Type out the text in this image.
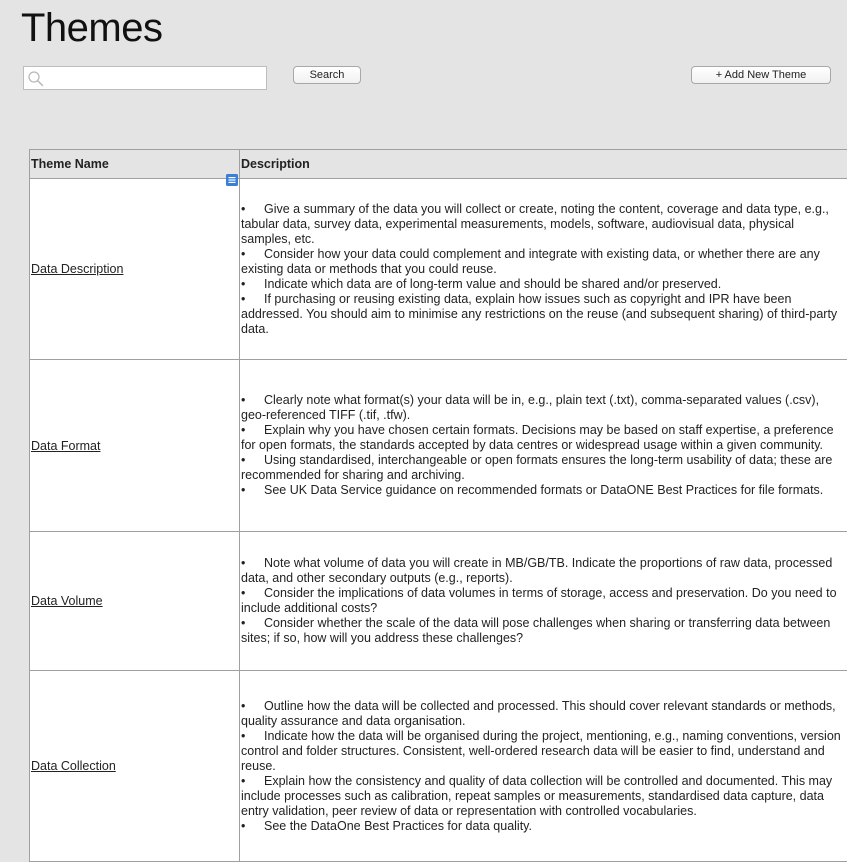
Themes
Search	+ Add New Theme
Theme Name	Description
Data Description	• Give a summary of the data you will collect or create, noting the content, coverage and data type, e.g., tabular data, survey data, experimental measurements, models, software, audiovisual data, physical samples, etc.
• Consider how your data could complement and integrate with existing data, or whether there are any existing data or methods that you could reuse.
• Indicate which data are of long-term value and should be shared and/or preserved.
• If purchasing or reusing existing data, explain how issues such as copyright and IPR have been addressed. You should aim to minimise any restrictions on the reuse (and subsequent sharing) of third-party data.

Data Format	• Clearly note what format(s) your data will be in, e.g., plain text (.txt), comma-separated values (.csv), geo-referenced TIFF (.tif, .tfw).
• Explain why you have chosen certain formats. Decisions may be based on staff expertise, a preference for open formats, the standards accepted by data centres or widespread usage within a given community.
• Using standardised, interchangeable or open formats ensures the long-term usability of data; these are recommended for sharing and archiving.
• See UK Data Service guidance on recommended formats or DataONE Best Practices for file formats.

Data Volume	• Note what volume of data you will create in MB/GB/TB. Indicate the proportions of raw data, processed data, and other secondary outputs (e.g., reports).
• Consider the implications of data volumes in terms of storage, access and preservation. Do you need to include additional costs?
• Consider whether the scale of the data will pose challenges when sharing or transferring data between sites; if so, how will you address these challenges?

Data Collection	• Outline how the data will be collected and processed. This should cover relevant standards or methods, quality assurance and data organisation.
• Indicate how the data will be organised during the project, mentioning, e.g., naming conventions, version control and folder structures. Consistent, well-ordered research data will be easier to find, understand and reuse.
• Explain how the consistency and quality of data collection will be controlled and documented. This may include processes such as calibration, repeat samples or measurements, standardised data capture, data entry validation, peer review of data or representation with controlled vocabularies.
• See the DataOne Best Practices for data quality.
